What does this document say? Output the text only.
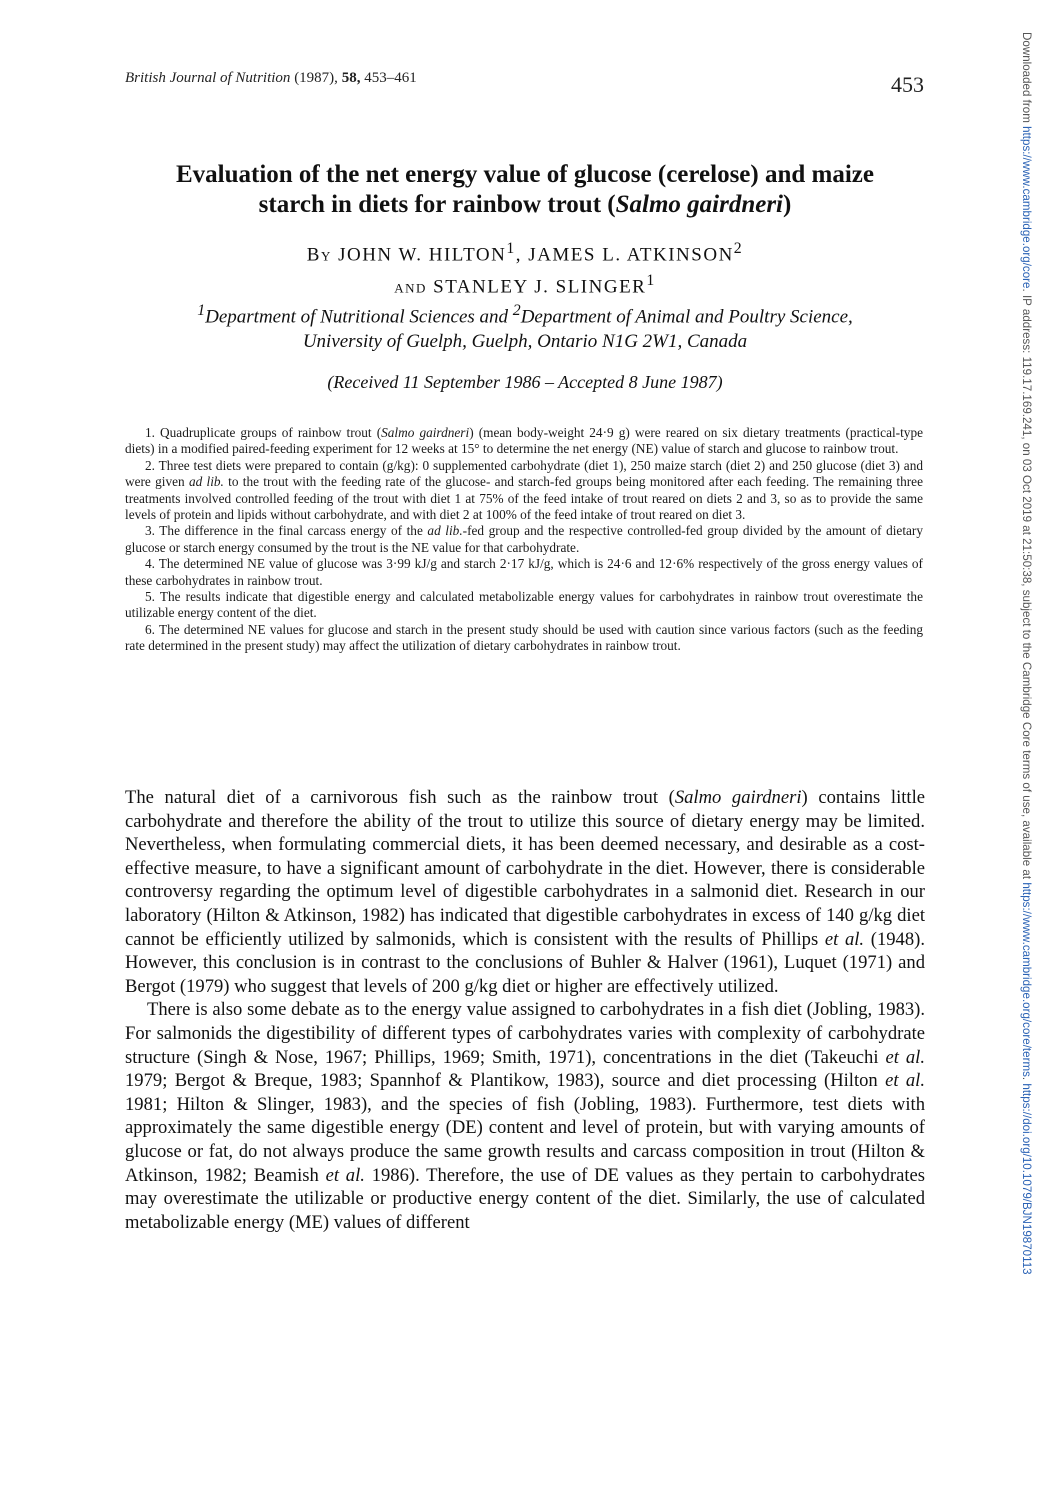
British Journal of Nutrition (1987), 58, 453–461	453
Evaluation of the net energy value of glucose (cerelose) and maize
starch in diets for rainbow trout (Salmo gairdneri)
By JOHN W. HILTON$^1$, JAMES L. ATKINSON$^2$
and STANLEY J. SLINGER$^1$
$^1$Department of Nutritional Sciences and $^2$Department of Animal and Poultry Science,
University of Guelph, Guelph, Ontario N1G 2W1, Canada
(Received 11 September 1986 – Accepted 8 June 1987)

1. Quadruplicate groups of rainbow trout (Salmo gairdneri) (mean body-weight 24·9 g) were reared on six dietary treatments (practical-type diets) in a modified paired-feeding experiment for 12 weeks at 15° to determine the net energy (NE) value of starch and glucose to rainbow trout.

2. Three test diets were prepared to contain (g/kg): 0 supplemented carbohydrate (diet 1), 250 maize starch (diet 2) and 250 glucose (diet 3) and were given ad lib. to the trout with the feeding rate of the glucose- and starch-fed groups being monitored after each feeding. The remaining three treatments involved controlled feeding of the trout with diet 1 at 75% of the feed intake of trout reared on diets 2 and 3, so as to provide the same levels of protein and lipids without carbohydrate, and with diet 2 at 100% of the feed intake of trout reared on diet 3.

3. The difference in the final carcass energy of the ad lib.-fed group and the respective controlled-fed group divided by the amount of dietary glucose or starch energy consumed by the trout is the NE value for that carbohydrate.

4. The determined NE value of glucose was 3·99 kJ/g and starch 2·17 kJ/g, which is 24·6 and 12·6% respectively of the gross energy values of these carbohydrates in rainbow trout.

5. The results indicate that digestible energy and calculated metabolizable energy values for carbohydrates in rainbow trout overestimate the utilizable energy content of the diet.

6. The determined NE values for glucose and starch in the present study should be used with caution since various factors (such as the feeding rate determined in the present study) may affect the utilization of dietary carbohydrates in rainbow trout.

The natural diet of a carnivorous fish such as the rainbow trout (Salmo gairdneri) contains little carbohydrate and therefore the ability of the trout to utilize this source of dietary energy may be limited. Nevertheless, when formulating commercial diets, it has been deemed necessary, and desirable as a cost-effective measure, to have a significant amount of carbohydrate in the diet. However, there is considerable controversy regarding the optimum level of digestible carbohydrates in a salmonid diet. Research in our laboratory (Hilton & Atkinson, 1982) has indicated that digestible carbohydrates in excess of 140 g/kg diet cannot be efficiently utilized by salmonids, which is consistent with the results of Phillips et al. (1948). However, this conclusion is in contrast to the conclusions of Buhler & Halver (1961), Luquet (1971) and Bergot (1979) who suggest that levels of 200 g/kg diet or higher are effectively utilized.

There is also some debate as to the energy value assigned to carbohydrates in a fish diet (Jobling, 1983). For salmonids the digestibility of different types of carbohydrates varies with complexity of carbohydrate structure (Singh & Nose, 1967; Phillips, 1969; Smith, 1971), concentrations in the diet (Takeuchi et al. 1979; Bergot & Breque, 1983; Spannhof & Plantikow, 1983), source and diet processing (Hilton et al. 1981; Hilton & Slinger, 1983), and the species of fish (Jobling, 1983). Furthermore, test diets with approximately the same digestible energy (DE) content and level of protein, but with varying amounts of glucose or fat, do not always produce the same growth results and carcass composition in trout (Hilton & Atkinson, 1982; Beamish et al. 1986). Therefore, the use of DE values as they pertain to carbohydrates may overestimate the utilizable or productive energy content of the diet. Similarly, the use of calculated metabolizable energy (ME) values of different

Downloaded from https://www.cambridge.org/core. IP address: 119.17.169.241, on 03 Oct 2019 at 21:50:38, subject to the Cambridge Core terms of use, available at https://www.cambridge.org/core/terms. https://doi.org/10.1079/BJN19870113
